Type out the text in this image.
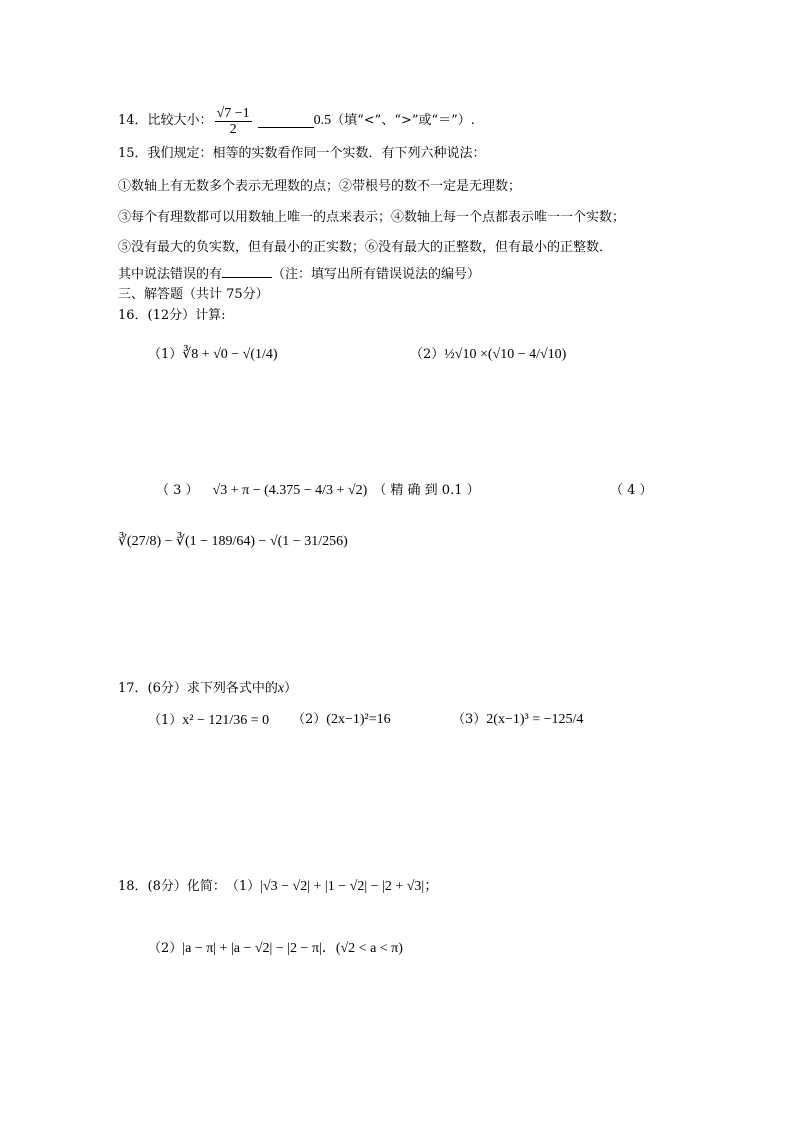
14．比较大小： $\frac{√7 -1}{2}$	0.5 （填“<”、“>”或“＝”）.
15．我们规定：相等的实数看作同一个实数．有下列六种说法：
①数轴上有无数多个表示无理数的点；②带根号的数不一定是无理数；
③每个有理数都可以用数轴上唯一的点来表示；④数轴上每一个点都表示唯一一个实数；
⑤没有最大的负实数，但有最小的正实数；⑥没有最大的正整数，但有最小的正整数．
其中说法错误的有	（注：填写出所有错误说法的编号）
三、解答题（共计 75分）
16．(12分）计算:
（1） ∛8 + √0 − √(1/4)	（2） ½√10 ×(√10 − 4/√10)
（ 3 ） √3 + π − (4.375 − 4/3 + √2) （ 精 确 到 0.1 ）	（ 4 ）
∛(27/8) − ∛(1 − 189/64) − √(1 − 31/256)
17．(6分）求下列各式中的x）
（1） x² − 121/36 = 0 （2）(2x−1)²=16	（3） 2(x−1)³ = −125/4
18．(8分）化简： （1） |√3 − √2| + |1 − √2| − |2 + √3|；
（2） |a − π| + |a − √2| − |2 − π|． (√2 < a < π)
